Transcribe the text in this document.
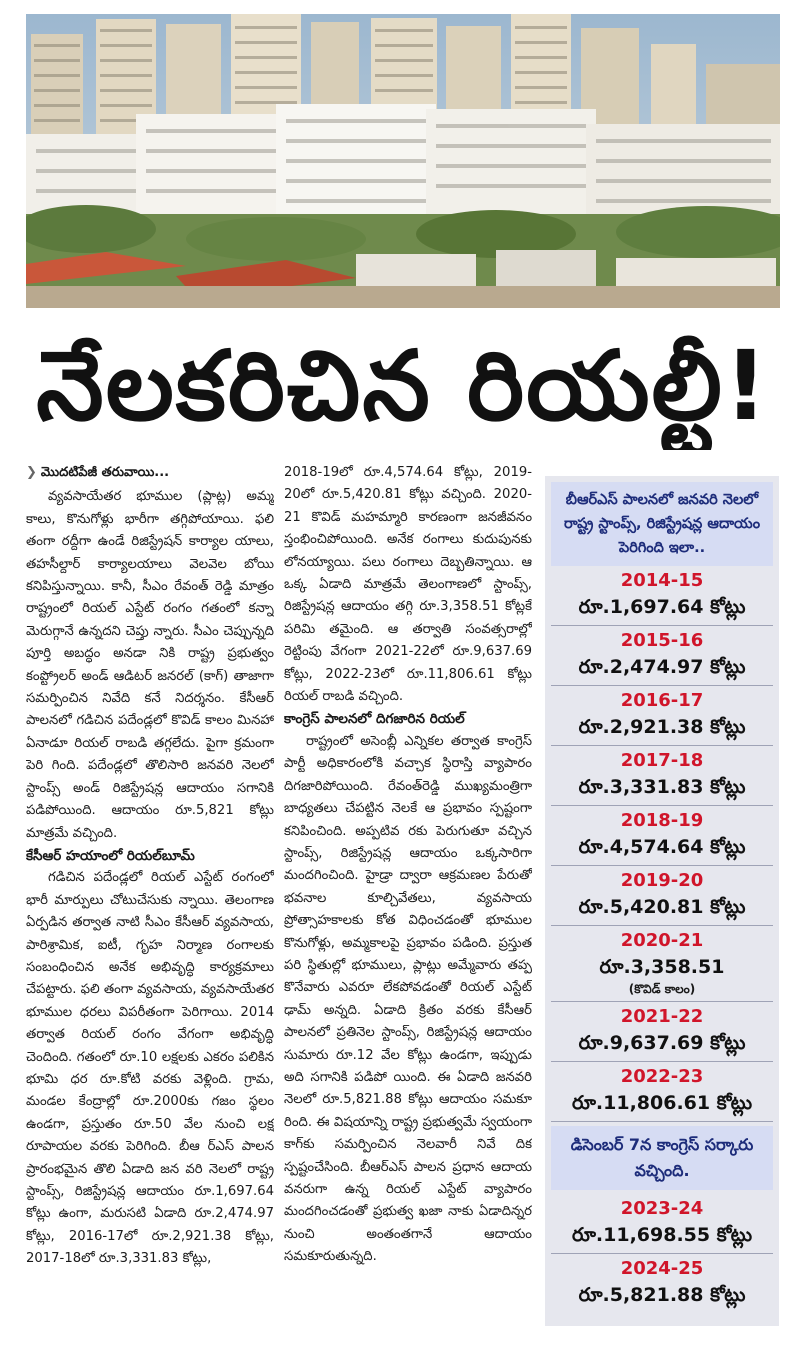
నేలకరిచిన రియల్టీ!
❯ మొదటిపేజీ తరువాయి...

వ్యవసాయేతర భూముల (ప్లాట్ల) అమ్మ కాలు, కొనుగోళ్లు భారీగా తగ్గిపోయాయి. ఫలి తంగా రద్దీగా ఉండే రిజిస్ట్రేషన్ కార్యాల యాలు, తహసీల్దార్ కార్యాలయాలు వెలవెల బోయి కనిపిస్తున్నాయి. కానీ, సీఎం రేవంత్ రెడ్డి మాత్రం రాష్ట్రంలో రియల్ ఎస్టేట్ రంగం గతంలో కన్నా మెరుగ్గానే ఉన్నదని చెప్తు న్నారు. సీఎం చెప్పున్నది పూర్తి అబద్ధం అనడా నికి రాష్ట్ర ప్రభుత్వం కంప్ట్రోలర్ అండ్ ఆడిటర్ జనరల్ (కాగ్) తాజాగా సమర్పించిన నివేది కనే నిదర్శనం. కేసీఆర్ పాలనలో గడిచిన పదేండ్లలో కొవిడ్ కాలం మినహా ఏనాడూ రియల్ రాబడి తగ్గలేదు. పైగా క్రమంగా పెరి గింది. పదేండ్లలో తొలిసారి జనవరి నెలలో స్టాంప్స్ అండ్ రిజిస్ట్రేషన్ల ఆదాయం సగానికి పడిపోయింది. ఆదాయం రూ.5,821 కోట్లు మాత్రమే వచ్చింది.

కేసీఆర్ హయాంలో రియల్‌బూమ్

గడిచిన పదేండ్లలో రియల్ ఎస్టేట్ రంగంలో భారీ మార్పులు చోటుచేసుకు న్నాయి. తెలంగాణ ఏర్పడిన తర్వాత నాటి సీఎం కేసీఆర్ వ్యవసాయ, పారిశ్రామిక, ఐటీ, గృహ నిర్మాణ రంగాలకు సంబంధించిన అనేక అభివృద్ధి కార్యక్రమాలు చేపట్టారు. ఫలి తంగా వ్యవసాయ, వ్యవసాయేతర భూముల ధరలు విపరీతంగా పెరిగాయి. 2014 తర్వాత రియల్ రంగం వేగంగా అభివృద్ధి చెందింది. గతంలో రూ.10 లక్షలకు ఎకరం పలికిన భూమి ధర రూ.కోటి వరకు వెళ్లింది. గ్రామ, మండల కేంద్రాల్లో రూ.2000కు గజం స్థలం ఉండగా, ప్రస్తుతం రూ.50 వేల నుంచి లక్ష రూపాయల వరకు పెరిగింది. బీఆ ర్ఎస్ పాలన ప్రారంభమైన తొలి ఏడాది జన వరి నెలలో రాష్ట్ర స్టాంప్స్, రిజిస్ట్రేషన్ల ఆదాయం రూ.1,697.64 కోట్లు ఉంగా, మరుసటి ఏడాది రూ.2,474.97 కోట్లు, 2016-17లో రూ.2,921.38 కోట్లు, 2017-18లో రూ.3,331.83 కోట్లు,

2018-19లో రూ.4,574.64 కోట్లు, 2019-20లో రూ.5,420.81 కోట్లు వచ్చింది. 2020-21 కొవిడ్ మహమ్మారి కారణంగా జనజీవనం స్తంభించిపోయింది. అనేక రంగాలు కుదుపునకు లోనయ్యాయి. పలు రంగాలు దెబ్బతిన్నాయి. ఆ ఒక్క ఏడాది మాత్రమే తెలంగాణలో స్టాంప్స్, రిజిస్ట్రేషన్ల ఆదాయం తగ్గి రూ.3,358.51 కోట్లకే పరిమి తమైంది. ఆ తర్వాతి సంవత్సరాల్లో రెట్టింపు వేగంగా 2021-22లో రూ.9,637.69 కోట్లు, 2022-23లో రూ.11,806.61 కోట్లు రియల్ రాబడి వచ్చింది.

కాంగ్రెస్ పాలనలో దిగజారిన రియల్

రాష్ట్రంలో అసెంబ్లీ ఎన్నికల తర్వాత కాంగ్రెస్ పార్టీ అధికారంలోకి వచ్చాక స్థిరాస్తి వ్యాపారం దిగజారిపోయింది. రేవంత్‌రెడ్డి ముఖ్యమంత్రిగా బాధ్యతలు చేపట్టిన నెలకే ఆ ప్రభావం స్పష్టంగా కనిపించింది. అప్పటివ రకు పెరుగుతూ వచ్చిన స్టాంప్స్, రిజిస్ట్రేషన్ల ఆదాయం ఒక్కసారిగా మందగించింది. హైడ్రా ద్వారా ఆక్రమణల పేరుతో భవనాల కూల్చివేతలు, వ్యవసాయ ప్రోత్సాహకాలకు కోత విధించడంతో భూముల కొనుగోళ్లు, అమ్మకాలపై ప్రభావం పడింది. ప్రస్తుత పరి స్థితుల్లో భూములు, ప్లాట్లు అమ్మేవారు తప్ప కొనేవారు ఎవరూ లేకపోవడంతో రియల్ ఎస్టేట్ ఢామ్ అన్నది. ఏడాది క్రితం వరకు కేసీఆర్ పాలనలో ప్రతినెల స్టాంప్స్, రిజిస్ట్రేషన్ల ఆదాయం సుమారు రూ.12 వేల కోట్లు ఉండగా, ఇప్పుడు అది సగానికి పడిపో యింది. ఈ ఏడాది జనవరి నెలలో రూ.5,821.88 కోట్లు ఆదాయం సమకూ రింది. ఈ విషయాన్ని రాష్ట్ర ప్రభుత్వమే స్వయంగా కాగ్‌కు సమర్పించిన నెలవారీ నివే దిక స్పష్టంచేసింది. బీఆర్ఎస్ పాలన ప్రధాన ఆదాయ వనరుగా ఉన్న రియల్ ఎస్టేట్ వ్యాపారం మందగించడంతో ప్రభుత్వ ఖజా నాకు ఏడాదిన్నర నుంచి అంతంతగానే ఆదాయం సమకూరుతున్నది.

బీఆర్ఎస్ పాలనలో జనవరి నెలలో రాష్ట్ర స్టాంప్స్, రిజిస్ట్రేషన్ల ఆదాయం పెరిగింది ఇలా..
2014-15
రూ.1,697.64 కోట్లు
2015-16
రూ.2,474.97 కోట్లు
2016-17
రూ.2,921.38 కోట్లు
2017-18
రూ.3,331.83 కోట్లు
2018-19
రూ.4,574.64 కోట్లు
2019-20
రూ.5,420.81 కోట్లు
2020-21
రూ.3,358.51
(కొవిడ్ కాలం)
2021-22
రూ.9,637.69 కోట్లు
2022-23
రూ.11,806.61 కోట్లు
డిసెంబర్ 7న కాంగ్రెస్ సర్కారు వచ్చింది.
2023-24
రూ.11,698.55 కోట్లు
2024-25
రూ.5,821.88 కోట్లు
